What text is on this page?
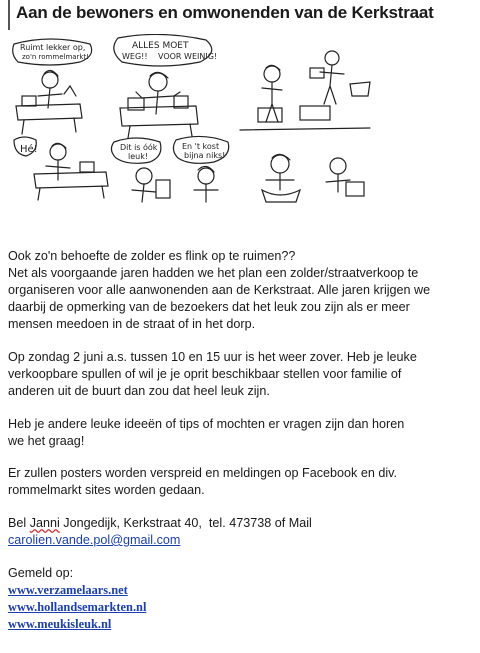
Aan de bewoners en omwonenden van de Kerkstraat
Ruimt lekker op,
zo'n rommelmarkt!
ALLES MOET
WEG!! VOOR WEINIG!
Hé!	Dit is óók
leuk!
En 't kost
bijna niks!
Ook zo'n behoefte de zolder es flink op te ruimen??
Net als voorgaande jaren hadden we het plan een zolder/straatverkoop te
organiseren voor alle aanwonenden aan de Kerkstraat. Alle jaren krijgen we
daarbij de opmerking van de bezoekers dat het leuk zou zijn als er meer
mensen meedoen in de straat of in het dorp.
Op zondag 2 juni a.s. tussen 10 en 15 uur is het weer zover. Heb je leuke
verkoopbare spullen of wil je je oprit beschikbaar stellen voor familie of
anderen uit de buurt dan zou dat heel leuk zijn.
Heb je andere leuke ideeën of tips of mochten er vragen zijn dan horen
we het graag!
Er zullen posters worden verspreid en meldingen op Facebook en div.
rommelmarkt sites worden gedaan.
Bel Janni Jongedijk, Kerkstraat 40,  tel. 473738 of Mail
carolien.vande.pol@gmail.com
Gemeld op:
www.verzamelaars.net
www.hollandsemarkten.nl
www.meukisleuk.nl
